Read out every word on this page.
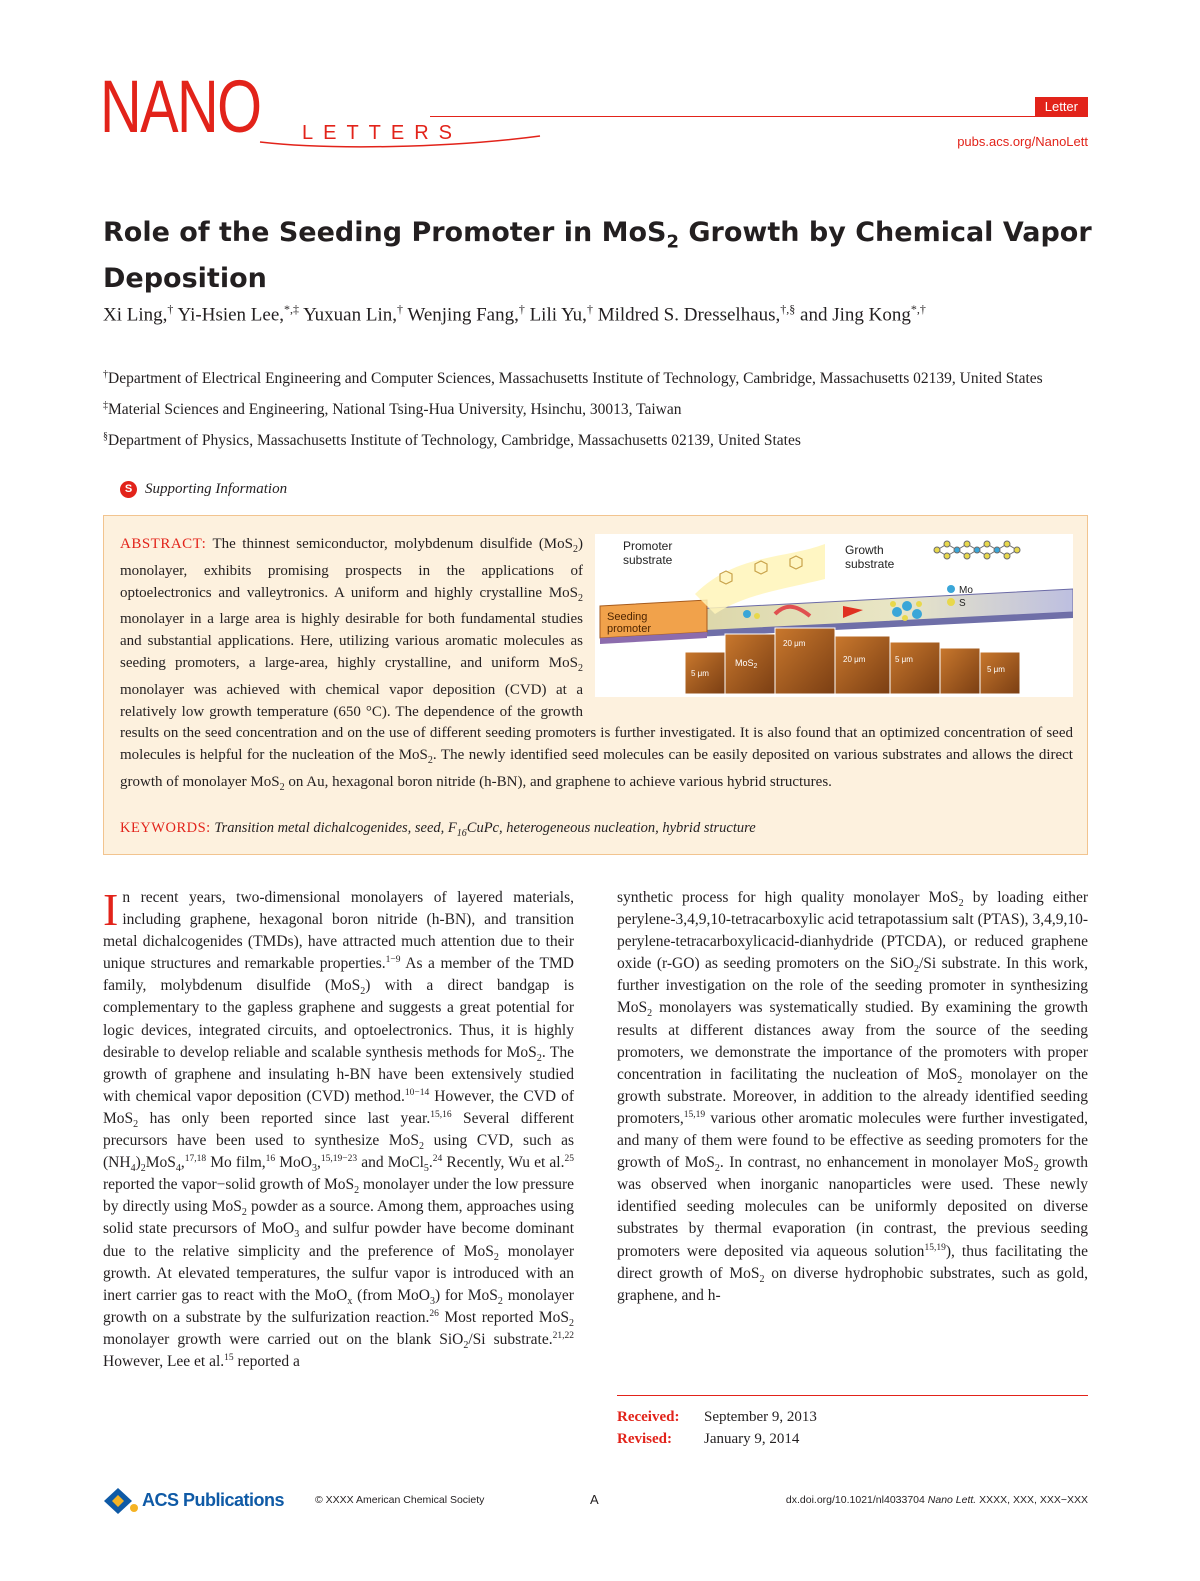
NANO LETTERS
Letter
pubs.acs.org/NanoLett
Role of the Seeding Promoter in MoS$_2$ Growth by Chemical Vapor Deposition
Xi Ling,† Yi-Hsien Lee,*,‡ Yuxuan Lin,† Wenjing Fang,† Lili Yu,† Mildred S. Dresselhaus,†,§ and Jing Kong*,†

†Department of Electrical Engineering and Computer Sciences, Massachusetts Institute of Technology, Cambridge, Massachusetts 02139, United States

‡Material Sciences and Engineering, National Tsing-Hua University, Hsinchu, 30013, Taiwan

§Department of Physics, Massachusetts Institute of Technology, Cambridge, Massachusetts 02139, United States

S Supporting Information

Seeding
promoter
Promoter
substrate
Growth
substrate
Mo
S
MoS$_2$
5 μm
20 μm
20 μm	5 μm
5 μm
ABSTRACT: The thinnest semiconductor, molybdenum disulfide (MoS$_2$) monolayer, exhibits promising prospects in the applications of optoelectronics and valleytronics. A uniform and highly crystalline MoS$_2$ monolayer in a large area is highly desirable for both fundamental studies and substantial applications. Here, utilizing various aromatic molecules as seeding promoters, a large-area, highly crystalline, and uniform MoS$_2$ monolayer was achieved with chemical vapor deposition (CVD) at a relatively low growth temperature (650 °C). The dependence of the growth results on the seed concentration and on the use of different seeding promoters is further investigated. It is also found that an optimized concentration of seed molecules is helpful for the nucleation of the MoS$_2$. The newly identified seed molecules can be easily deposited on various substrates and allows the direct growth of monolayer MoS$_2$ on Au, hexagonal boron nitride (h-BN), and graphene to achieve various hybrid structures.

KEYWORDS: Transition metal dichalcogenides, seed, $F_{16}CuPc$, heterogeneous nucleation, hybrid structure

In recent years, two-dimensional monolayers of layered materials, including graphene, hexagonal boron nitride (h-BN), and transition metal dichalcogenides (TMDs), have attracted much attention due to their unique structures and remarkable properties.$^{1-9}$ As a member of the TMD family, molybdenum disulfide (MoS$_2$) with a direct bandgap is complementary to the gapless graphene and suggests a great potential for logic devices, integrated circuits, and optoelectronics. Thus, it is highly desirable to develop reliable and scalable synthesis methods for MoS$_2$. The growth of graphene and insulating h-BN have been extensively studied with chemical vapor deposition (CVD) method.$^{10-14}$ However, the CVD of MoS$_2$ has only been reported since last year.$^{15,16}$ Several different precursors have been used to synthesize MoS$_2$ using CVD, such as $(NH_4)_2MoS_4,^{17,18}$ Mo film,$^{16}$ MoO$_3$,$^{15,19-23}$ and MoCl$_5$.$^{24}$ Recently, Wu et al.$^{25}$ reported the vapor−solid growth of MoS$_2$ monolayer under the low pressure by directly using MoS$_2$ powder as a source. Among them, approaches using solid state precursors of MoO$_3$ and sulfur powder have become dominant due to the relative simplicity and the preference of MoS$_2$ monolayer growth. At elevated temperatures, the sulfur vapor is introduced with an inert carrier gas to react with the MoO$_x$ (from MoO$_3$) for MoS$_2$ monolayer growth on a substrate by the sulfurization reaction.$^{26}$ Most reported MoS$_2$ monolayer growth were carried out on the blank SiO$_2$/Si substrate.$^{21,22}$ However, Lee et al.$^{15}$ reported a

synthetic process for high quality monolayer MoS$_2$ by loading either perylene-3,4,9,10-tetracarboxylic acid tetrapotassium salt (PTAS), 3,4,9,10-perylene-tetracarboxylicacid-dianhydride (PTCDA), or reduced graphene oxide (r-GO) as seeding promoters on the SiO$_2$/Si substrate. In this work, further investigation on the role of the seeding promoter in synthesizing MoS$_2$ monolayers was systematically studied. By examining the growth results at different distances away from the source of the seeding promoters, we demonstrate the importance of the promoters with proper concentration in facilitating the nucleation of MoS$_2$ monolayer on the growth substrate. Moreover, in addition to the already identified seeding promoters,$^{15,19}$ various other aromatic molecules were further investigated, and many of them were found to be effective as seeding promoters for the growth of MoS$_2$. In contrast, no enhancement in monolayer MoS$_2$ growth was observed when inorganic nanoparticles were used. These newly identified seeding molecules can be uniformly deposited on diverse substrates by thermal evaporation (in contrast, the previous seeding promoters were deposited via aqueous solution$^{15,19}$), thus facilitating the direct growth of MoS$_2$ on diverse hydrophobic substrates, such as gold, graphene, and h-

Received:	September 9, 2013
Revised:	January 9, 2014
ACS Publications	© XXXX American Chemical Society	A	dx.doi.org/10.1021/nl4033704 Nano Lett. XXXX, XXX, XXX−XXX
